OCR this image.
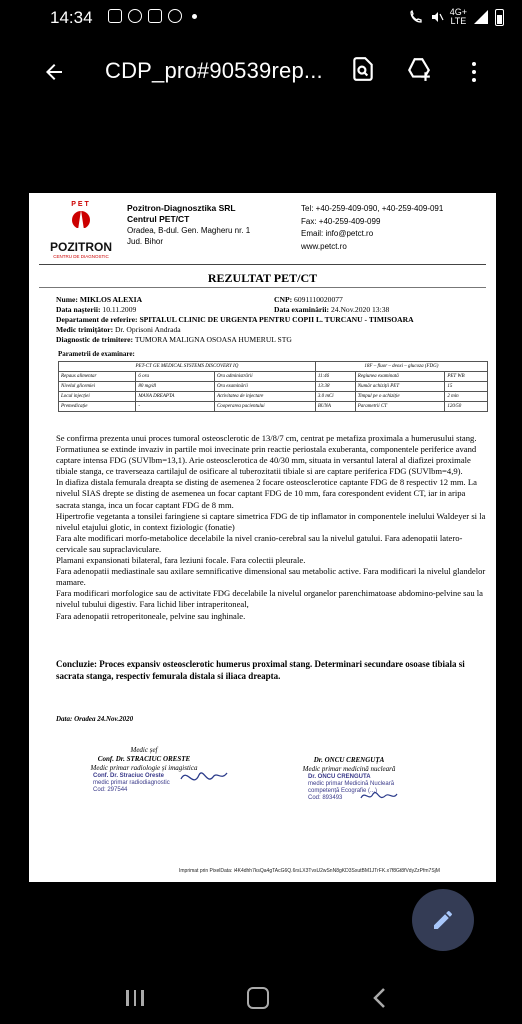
14:34	4G+
LTE
CDP_pro#90539rep...
PET
POZITRON
CENTRU DE DIAGNOSTIC
Pozitron-Diagnosztika SRL
Centrul PET/CT
Oradea, B-dul. Gen. Magheru nr. 1
Jud. Bihor
Tel: +40-259-409-090, +40-259-409-091
Fax: +40-259-409-099
Email: info@petct.ro
www.petct.ro
REZULTAT PET/CT
Nume: MIKLOS ALEXIA	CNP: 6091110020077
Data nașterii: 10.11.2009	Data examinării: 24.Nov.2020 13:38
Departament de referire: SPITALUL CLINIC DE URGENTA PENTRU COPII L. TURCANU - TIMISOARA
Medic trimițător: Dr. Oprisoni Andrada
Diagnostic de trimitere: TUMORA MALIGNA OSOASA HUMERUL STG
Parametrii de examinare:
PET-CT GE MEDICAL SYSTEMS DISCOVERY IQ			18F – fluor – deoxi – glucoza (FDG)		
Repaus alimentar	6 ora	Ora administrării	11:46	Regiunea examinată	PET WB
Nivelul glicemiei	80 mg/dl	Ora examinării	13:38	Număr achiziții PET	15
Locul injecției	MANA DREAPTA	Activitatea de injectare	3.0 mCi	Timpul pe o achiziție	2 min
Premedicație	-	Cooperarea pacientului	BUNA	Parametrii CT	120/50

Se confirma prezenta unui proces tumoral osteosclerotic de 13/8/7 cm, centrat pe metafiza proximala a humerusului stang. Formatiunea se extinde invaziv in partile moi invecinate prin reactie periostala exuberanta, componentele periferice avand captare intensa FDG (SUVlbm=13,1). Arie osteosclerotica de 40/30 mm, situata in versantul lateral al diafizei proximale tibiale stanga, ce traverseaza cartilajul de osificare al tuberozitatii tibiale si are captare periferica FDG (SUVlbm=4,9).

In diafiza distala femurala dreapta se disting de asemenea 2 focare osteosclerotice captante FDG de 8 respectiv 12 mm. La nivelul SIAS drepte se disting de asemenea un focar captant FDG de 10 mm, fara corespondent evident CT, iar in aripa sacrata stanga, inca un focar captant FDG de 8 mm.

Hipertrofie vegetanta a tonsilei faringiene si captare simetrica FDG de tip inflamator in componentele inelului Waldeyer si la nivelul etajului glotic, in context fiziologic (fonatie)

Fara alte modificari morfo-metabolice decelabile la nivel cranio-cerebral sau la nivelul gatului. Fara adenopatii latero-cervicale sau supraclaviculare.

Plamani expansionati bilateral, fara leziuni focale. Fara colectii pleurale.

Fara adenopatii mediastinale sau axilare semnificative dimensional sau metabolic active. Fara modificari la nivelul glandelor mamare.

Fara modificari morfologice sau de activitate FDG decelabile la nivelul organelor parenchimatoase abdomino-pelvine sau la nivelul tubului digestiv. Fara lichid liber intraperitoneal,

Fara adenopatii retroperitoneale, pelvine sau inghinale.

Concluzie: Proces expansiv osteosclerotic humerus proximal stang. Determinari secundare osoase tibiala si sacrata stanga, respectiv femurala distala si iliaca dreapta.
Data: Oradea 24.Nov.2020
Medic șef
Conf. Dr. STRACIUC ORESTE
Medic primar radiologie și imagistica
Conf. Dr. Straciuc Oreste
medic primar radiodiagnostic
Cod: 297544
Dr. ONCU CRENGUȚA
Medic primar medicină nucleară
Dr. ONCU CRENGUTA
medic primar Medicină Nucleară
competență Ecografie (...)
Cod: 893493
Imprimat prin PixelData: i4K4dhh7ksQa4gTAcG6Q.6rsLX3TvsU2wSnN8gKD3SxutBM1JTrFK.x7f8Gt8fVdyZzPfm7SjM
